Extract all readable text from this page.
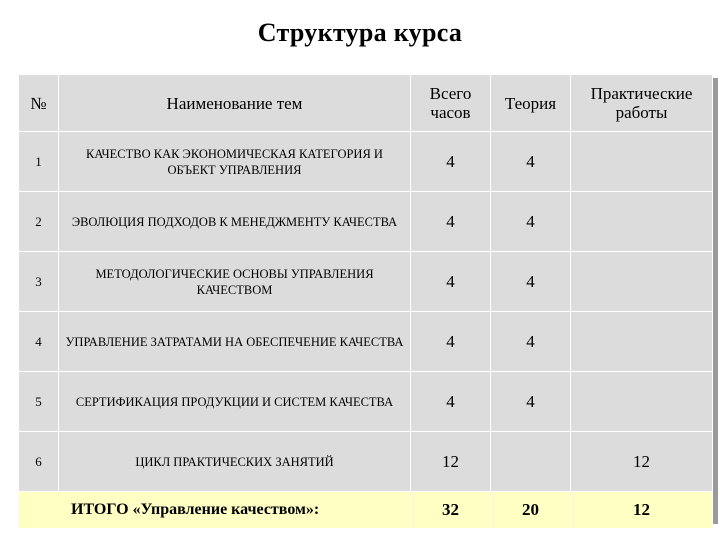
Структура курса
№	Наименование тем	Всего часов	Теория	Практические работы
1	КАЧЕСТВО КАК ЭКОНОМИЧЕСКАЯ КАТЕГОРИЯ И ОБЪЕКТ УПРАВЛЕНИЯ	4	4	
2	ЭВОЛЮЦИЯ ПОДХОДОВ К МЕНЕДЖМЕНТУ КАЧЕСТВА	4	4	
3	МЕТОДОЛОГИЧЕСКИЕ ОСНОВЫ УПРАВЛЕНИЯ КАЧЕСТВОМ	4	4	
4	УПРАВЛЕНИЕ ЗАТРАТАМИ НА ОБЕСПЕЧЕНИЕ КАЧЕСТВА	4	4	
5	СЕРТИФИКАЦИЯ ПРОДУКЦИИ И СИСТЕМ КАЧЕСТВА	4	4	
6	ЦИКЛ ПРАКТИЧЕСКИХ ЗАНЯТИЙ	12		12
ИТОГО «Управление качеством»:		32	20	12
